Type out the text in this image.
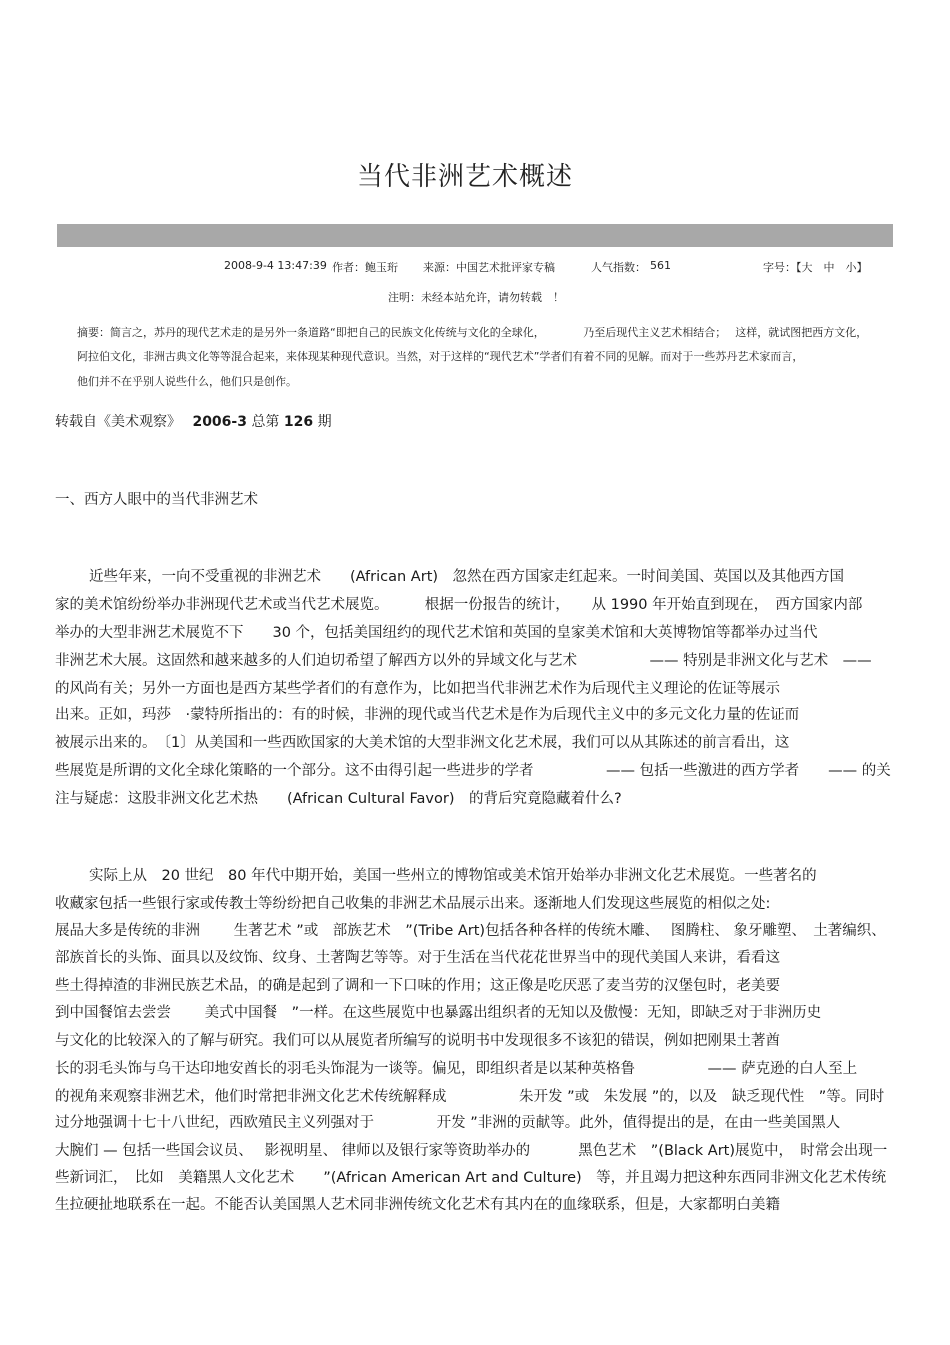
当代非洲艺术概述
2008-9-4 13:47:39 作者：鲍玉珩 来源：中国艺术批评家专稿	人气指数： 561	字号：【大　中　小】
注明：未经本站允许，请勿转载　！
摘要：简言之，苏丹的现代艺术走的是另外一条道路“即把自己的民族文化传统与文化的全球化，　　　　乃至后现代主义艺术相结合；　 这样，就试图把西方文化，
阿拉伯文化，非洲古典文化等等混合起来，来体现某种现代意识。当然，对于这样的“现代艺术”学者们有着不同的见解。而对于一些苏丹艺术家而言，
他们并不在乎别人说些什么，他们只是创作。
转载自《美术观察》　 2006-3 总第 126 期
一、西方人眼中的当代非洲艺术
近些年来，一向不受重视的非洲艺术　　(African Art)　忽然在西方国家走红起来。一时间美国、英国以及其他西方国
家的美术馆纷纷举办非洲现代艺术或当代艺术展览。　　　根据一份报告的统计，　　从 1990 年开始直到现在，　西方国家内部
举办的大型非洲艺术展览不下　　30 个，包括美国纽约的现代艺术馆和英国的皇家美术馆和大英博物馆等都举办过当代
非洲艺术大展。这固然和越来越多的人们迫切希望了解西方以外的异域文化与艺术　　　　　—— 特别是非洲文化与艺术　——
的风尚有关；另外一方面也是西方某些学者们的有意作为，比如把当代非洲艺术作为后现代主义理论的佐证等展示
出来。正如，玛莎　·蒙特所指出的：有的时候，非洲的现代或当代艺术是作为后现代主义中的多元文化力量的佐证而
被展示出来的。　〔1〕从美国和一些西欧国家的大美术馆的大型非洲文化艺术展，我们可以从其陈述的前言看出，这
些展览是所谓的文化全球化策略的一个部分。这不由得引起一些进步的学者　　　　　—— 包括一些激进的西方学者　　—— 的关
注与疑虑：这股非洲文化艺术热　　(African Cultural Favor)　的背后究竟隐藏着什么?
实际上从　20 世纪　80 年代中期开始，美国一些州立的博物馆或美术馆开始举办非洲文化艺术展览。一些著名的
收藏家包括一些银行家或传教士等纷纷把自己收集的非洲艺术品展示出来。逐渐地人们发现这些展览的相似之处:
展品大多是传统的非洲　　 生著艺术 ”或　部族艺术　”(Tribe Art)包括各种各样的传统木雕、　 图腾柱、 象牙雕塑、　土著编织、
部族首长的头饰、面具以及纹饰、纹身、土著陶艺等等。对于生活在当代花花世界当中的现代美国人来讲，看看这
些土得掉渣的非洲民族艺术品，的确是起到了调和一下口味的作用；这正像是吃厌恶了麦当劳的汉堡包时，老美要
到中国餐馆去尝尝　　 美式中国餐　”一样。在这些展览中也暴露出组织者的无知以及傲慢：无知，即缺乏对于非洲历史
与文化的比较深入的了解与研究。我们可以从展览者所编写的说明书中发现很多不该犯的错误，例如把刚果土著酋
长的羽毛头饰与乌干达印地安酋长的羽毛头饰混为一谈等。偏见，即组织者是以某种英格鲁　　　　　—— 萨克逊的白人至上
的视角来观察非洲艺术，他们时常把非洲文化艺术传统解释成　　　　　朱开发 ”或　朱发展 ”的，以及　缺乏现代性　”等。同时
过分地强调十七十八世纪，西欧殖民主义列强对于　　　　 开发 ”非洲的贡献等。此外，值得提出的是，在由一些美国黑人
大腕们 — 包括一些国会议员、　 影视明星、 律师以及银行家等资助举办的　　　 黑色艺术　”(Black Art)展览中，　时常会出现一
些新词汇，　比如　美籍黑人文化艺术　　”(African American Art and Culture)　等，并且竭力把这种东西同非洲文化艺术传统
生拉硬扯地联系在一起。不能否认美国黑人艺术同非洲传统文化艺术有其内在的血缘联系，但是，大家都明白美籍
